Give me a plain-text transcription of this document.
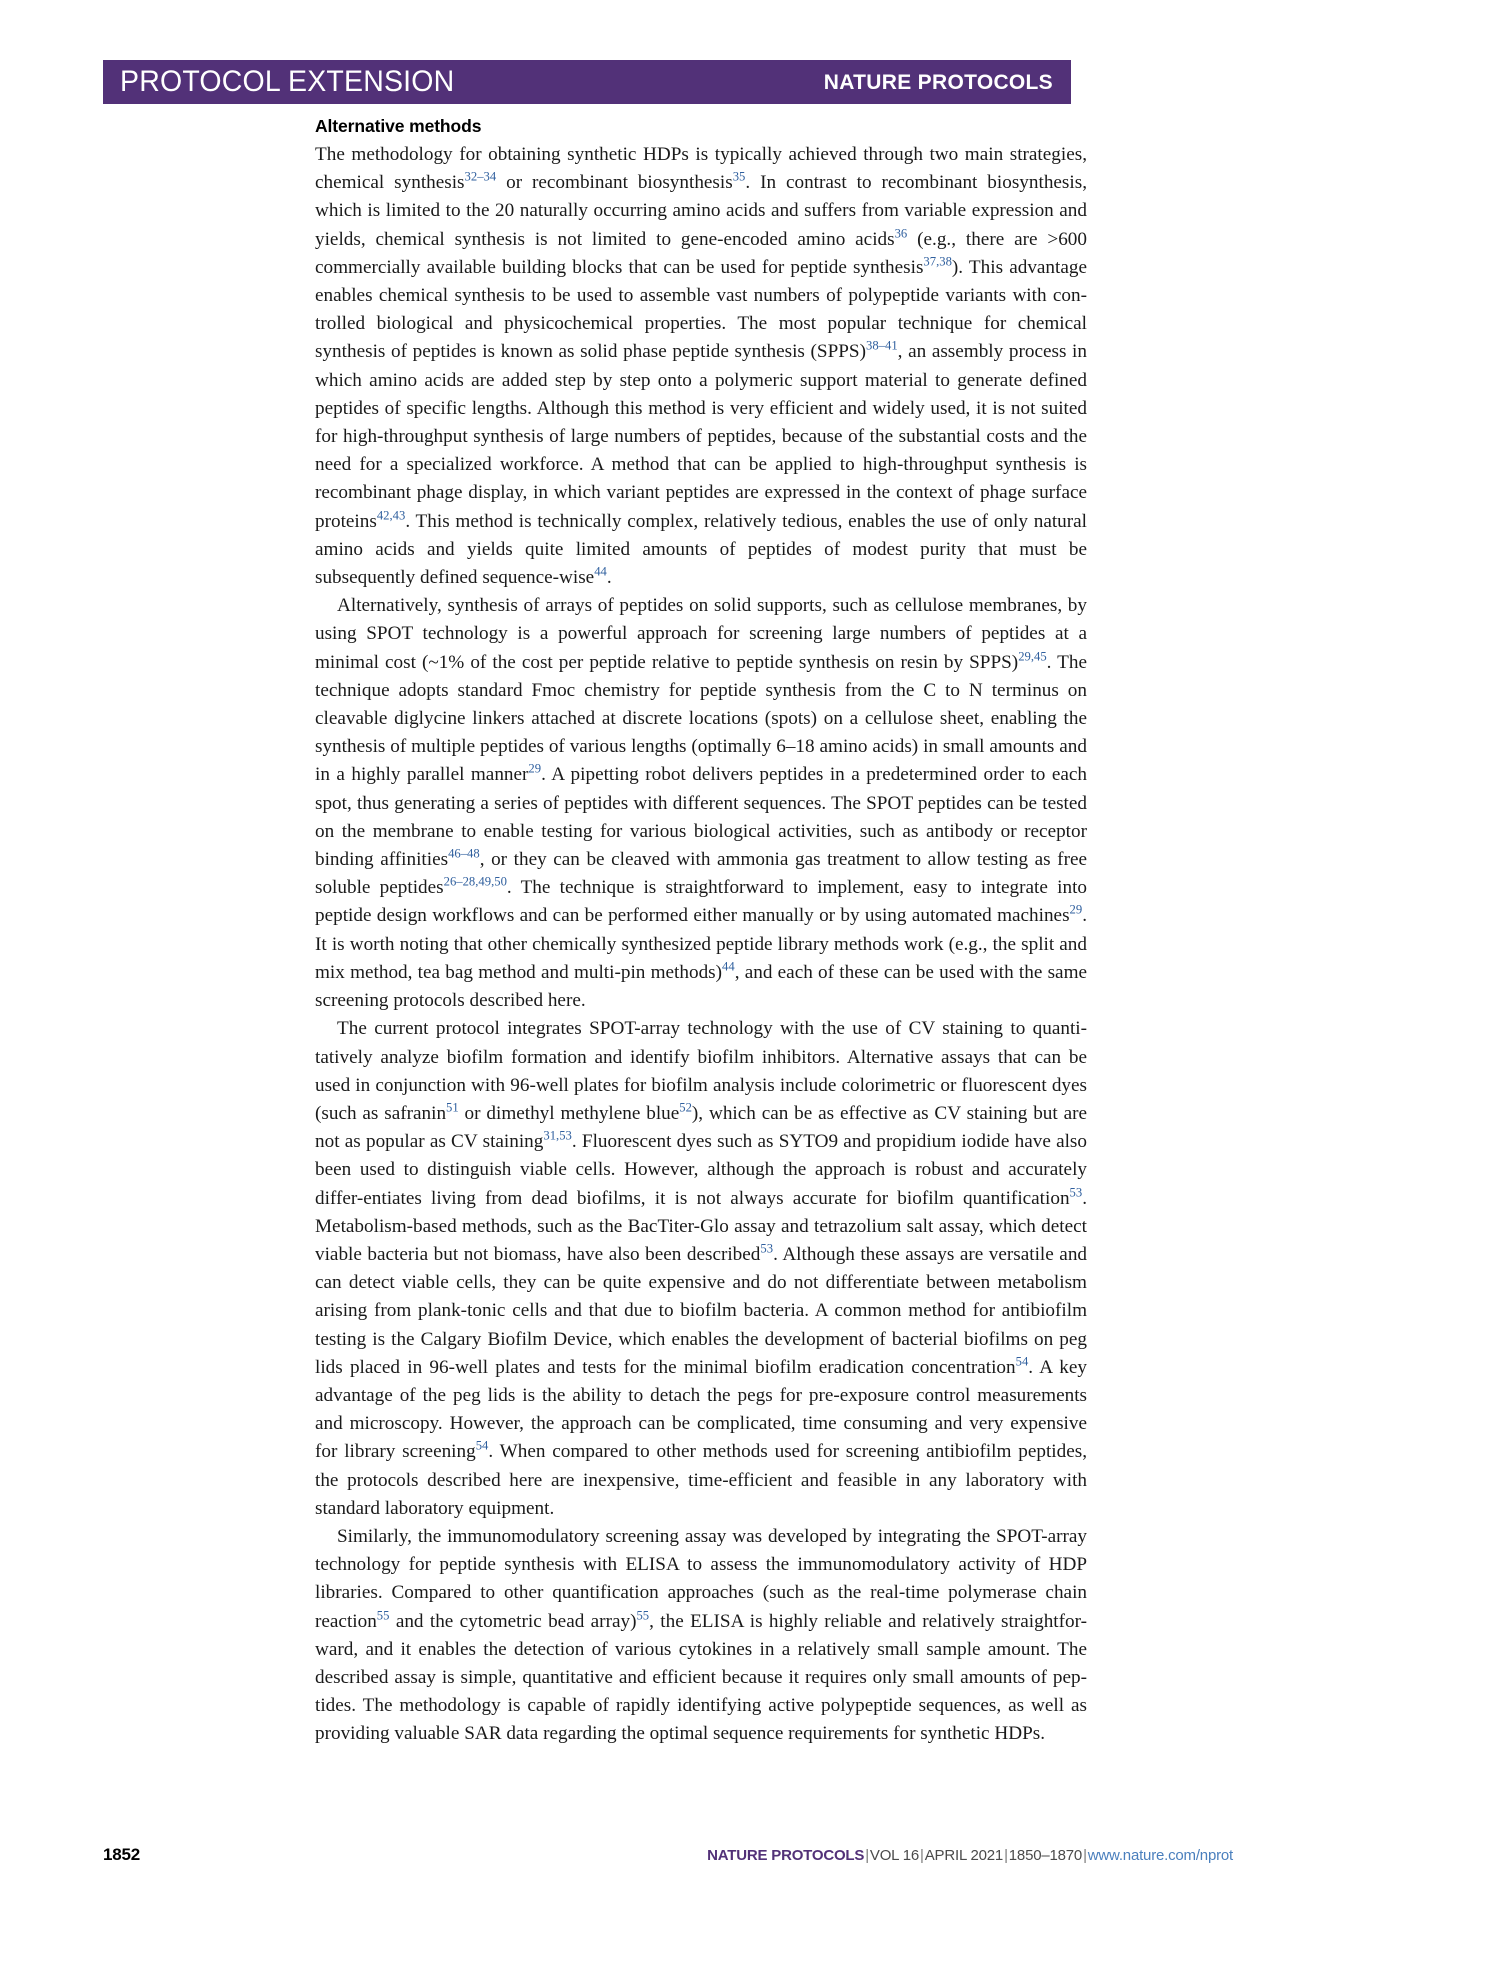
PROTOCOL EXTENSION	NATURE PROTOCOLS
Alternative methods

The methodology for obtaining synthetic HDPs is typically achieved through two main strategies, chemical synthesis$^{32-34}$ or recombinant biosynthesis$^{35}$. In contrast to recombinant biosynthesis, which is limited to the 20 naturally occurring amino acids and suffers from variable expression and yields, chemical synthesis is not limited to gene-encoded amino acids$^{36}$ (e.g., there are >600 commercially available building blocks that can be used for peptide synthesis$^{37,38}$). This advantage enables chemical synthesis to be used to assemble vast numbers of polypeptide variants with con-trolled biological and physicochemical properties. The most popular technique for chemical synthesis of peptides is known as solid phase peptide synthesis (SPPS)$^{38-41}$, an assembly process in which amino acids are added step by step onto a polymeric support material to generate defined peptides of specific lengths. Although this method is very efficient and widely used, it is not suited for high-throughput synthesis of large numbers of peptides, because of the substantial costs and the need for a specialized workforce. A method that can be applied to high-throughput synthesis is recombinant phage display, in which variant peptides are expressed in the context of phage surface proteins$^{42,43}$. This method is technically complex, relatively tedious, enables the use of only natural amino acids and yields quite limited amounts of peptides of modest purity that must be subsequently defined sequence-wise$^{44}$.

Alternatively, synthesis of arrays of peptides on solid supports, such as cellulose membranes, by using SPOT technology is a powerful approach for screening large numbers of peptides at a minimal cost (~1% of the cost per peptide relative to peptide synthesis on resin by SPPS)$^{29,45}$. The technique adopts standard Fmoc chemistry for peptide synthesis from the C to N terminus on cleavable diglycine linkers attached at discrete locations (spots) on a cellulose sheet, enabling the synthesis of multiple peptides of various lengths (optimally 6–18 amino acids) in small amounts and in a highly parallel manner$^{29}$. A pipetting robot delivers peptides in a predetermined order to each spot, thus generating a series of peptides with different sequences. The SPOT peptides can be tested on the membrane to enable testing for various biological activities, such as antibody or receptor binding affinities$^{46-48}$, or they can be cleaved with ammonia gas treatment to allow testing as free soluble peptides$^{26-28,49,50}$. The technique is straightforward to implement, easy to integrate into peptide design workflows and can be performed either manually or by using automated machines$^{29}$. It is worth noting that other chemically synthesized peptide library methods work (e.g., the split and mix method, tea bag method and multi-pin methods)$^{44}$, and each of these can be used with the same screening protocols described here.

The current protocol integrates SPOT-array technology with the use of CV staining to quanti-tatively analyze biofilm formation and identify biofilm inhibitors. Alternative assays that can be used in conjunction with 96-well plates for biofilm analysis include colorimetric or fluorescent dyes (such as safranin$^{51}$ or dimethyl methylene blue$^{52}$), which can be as effective as CV staining but are not as popular as CV staining$^{31,53}$. Fluorescent dyes such as SYTO9 and propidium iodide have also been used to distinguish viable cells. However, although the approach is robust and accurately differ-entiates living from dead biofilms, it is not always accurate for biofilm quantification$^{53}$. Metabolism-based methods, such as the BacTiter-Glo assay and tetrazolium salt assay, which detect viable bacteria but not biomass, have also been described$^{53}$. Although these assays are versatile and can detect viable cells, they can be quite expensive and do not differentiate between metabolism arising from plank-tonic cells and that due to biofilm bacteria. A common method for antibiofilm testing is the Calgary Biofilm Device, which enables the development of bacterial biofilms on peg lids placed in 96-well plates and tests for the minimal biofilm eradication concentration$^{54}$. A key advantage of the peg lids is the ability to detach the pegs for pre-exposure control measurements and microscopy. However, the approach can be complicated, time consuming and very expensive for library screening$^{54}$. When compared to other methods used for screening antibiofilm peptides, the protocols described here are inexpensive, time-efficient and feasible in any laboratory with standard laboratory equipment.

Similarly, the immunomodulatory screening assay was developed by integrating the SPOT-array technology for peptide synthesis with ELISA to assess the immunomodulatory activity of HDP libraries. Compared to other quantification approaches (such as the real-time polymerase chain reaction$^{55}$ and the cytometric bead array)$^{55}$, the ELISA is highly reliable and relatively straightfor-ward, and it enables the detection of various cytokines in a relatively small sample amount. The described assay is simple, quantitative and efficient because it requires only small amounts of pep-tides. The methodology is capable of rapidly identifying active polypeptide sequences, as well as providing valuable SAR data regarding the optimal sequence requirements for synthetic HDPs.

1852	NATURE PROTOCOLS|VOL 16|APRIL 2021|1850–1870|www.nature.com/nprot
